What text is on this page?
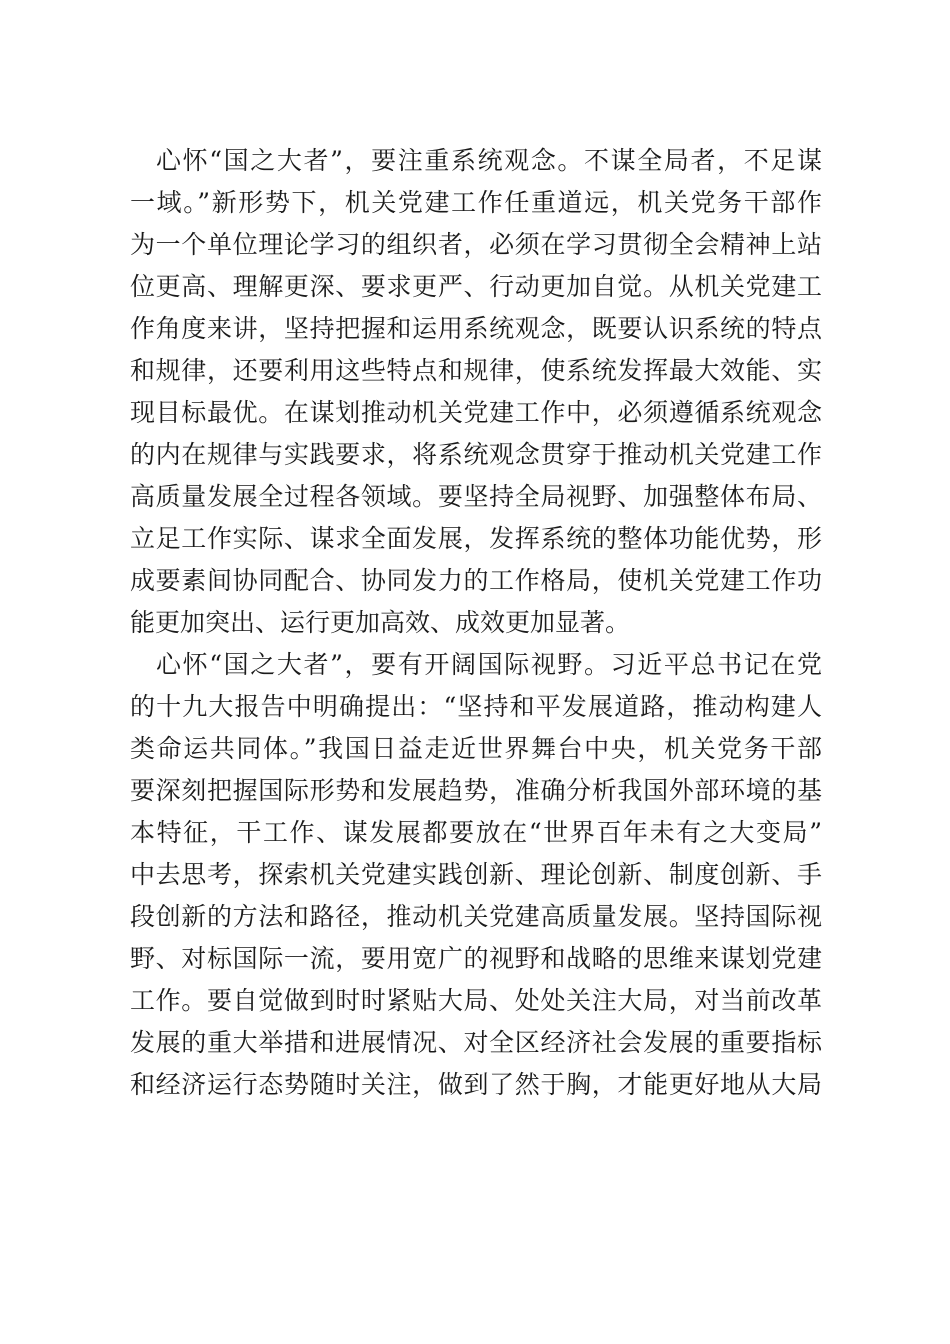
心怀“国之大者”，要注重系统观念。不谋全局者，不足谋
一域。”新形势下，机关党建工作任重道远，机关党务干部作
为一个单位理论学习的组织者，必须在学习贯彻全会精神上站
位更高、理解更深、要求更严、行动更加自觉。从机关党建工
作角度来讲，坚持把握和运用系统观念，既要认识系统的特点
和规律，还要利用这些特点和规律，使系统发挥最大效能、实
现目标最优。在谋划推动机关党建工作中，必须遵循系统观念
的内在规律与实践要求，将系统观念贯穿于推动机关党建工作
高质量发展全过程各领域。要坚持全局视野、加强整体布局、
立足工作实际、谋求全面发展，发挥系统的整体功能优势，形
成要素间协同配合、协同发力的工作格局，使机关党建工作功
能更加突出、运行更加高效、成效更加显著。
心怀“国之大者”，要有开阔国际视野。习近平总书记在党
的十九大报告中明确提出：“坚持和平发展道路，推动构建人
类命运共同体。”我国日益走近世界舞台中央，机关党务干部
要深刻把握国际形势和发展趋势，准确分析我国外部环境的基
本特征，干工作、谋发展都要放在“世界百年未有之大变局”
中去思考，探索机关党建实践创新、理论创新、制度创新、手
段创新的方法和路径，推动机关党建高质量发展。坚持国际视
野、对标国际一流，要用宽广的视野和战略的思维来谋划党建
工作。要自觉做到时时紧贴大局、处处关注大局，对当前改革
发展的重大举措和进展情况、对全区经济社会发展的重要指标
和经济运行态势随时关注，做到了然于胸，才能更好地从大局
